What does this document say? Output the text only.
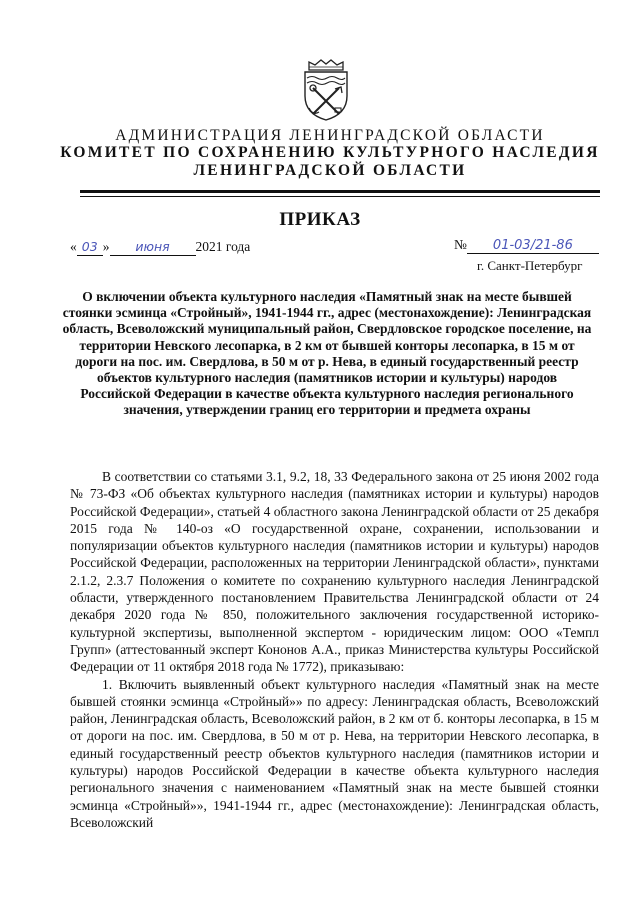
АДМИНИСТРАЦИЯ ЛЕНИНГРАДСКОЙ ОБЛАСТИ
КОМИТЕТ ПО СОХРАНЕНИЮ КУЛЬТУРНОГО НАСЛЕДИЯ
ЛЕНИНГРАДСКОЙ ОБЛАСТИ
ПРИКАЗ
« 03 » июня 2021 года	№ 01-03/21-86
г. Санкт-Петербург
О включении объекта культурного наследия «Памятный знак на месте бывшей стоянки эсминца «Стройный», 1941-1944 гг., адрес (местонахождение): Ленинградская область, Всеволожский муниципальный район, Свердловское городское поселение, на территории Невского лесопарка, в 2 км от бывшей конторы лесопарка, в 15 м от дороги на пос. им. Свердлова, в 50 м от р. Нева, в единый государственный реестр объектов культурного наследия (памятников истории и культуры) народов Российской Федерации в качестве объекта культурного наследия регионального значения, утверждении границ его территории и предмета охраны

В соответствии со статьями 3.1, 9.2, 18, 33 Федерального закона от 25 июня 2002 года № 73-ФЗ «Об объектах культурного наследия (памятниках истории и культуры) народов Российской Федерации», статьей 4 областного закона Ленинградской области от 25 декабря 2015 года № 140-оз «О государственной охране, сохранении, использовании и популяризации объектов культурного наследия (памятников истории и культуры) народов Российской Федерации, расположенных на территории Ленинградской области», пунктами 2.1.2, 2.3.7 Положения о комитете по сохранению культурного наследия Ленинградской области, утвержденного постановлением Правительства Ленинградской области от 24 декабря 2020 года № 850, положительного заключения государственной историко-культурной экспертизы, выполненной экспертом - юридическим лицом: ООО «Темпл Групп» (аттестованный эксперт Кононов А.А., приказ Министерства культуры Российской Федерации от 11 октября 2018 года № 1772), приказываю:

1. Включить выявленный объект культурного наследия «Памятный знак на месте бывшей стоянки эсминца «Стройный»» по адресу: Ленинградская область, Всеволожский район, Ленинградская область, Всеволожский район, в 2 км от б. конторы лесопарка, в 15 м от дороги на пос. им. Свердлова, в 50 м от р. Нева, на территории Невского лесопарка, в единый государственный реестр объектов культурного наследия (памятников истории и культуры) народов Российской Федерации в качестве объекта культурного наследия регионального значения с наименованием «Памятный знак на месте бывшей стоянки эсминца «Стройный»», 1941-1944 гг., адрес (местонахождение): Ленинградская область, Всеволожский
